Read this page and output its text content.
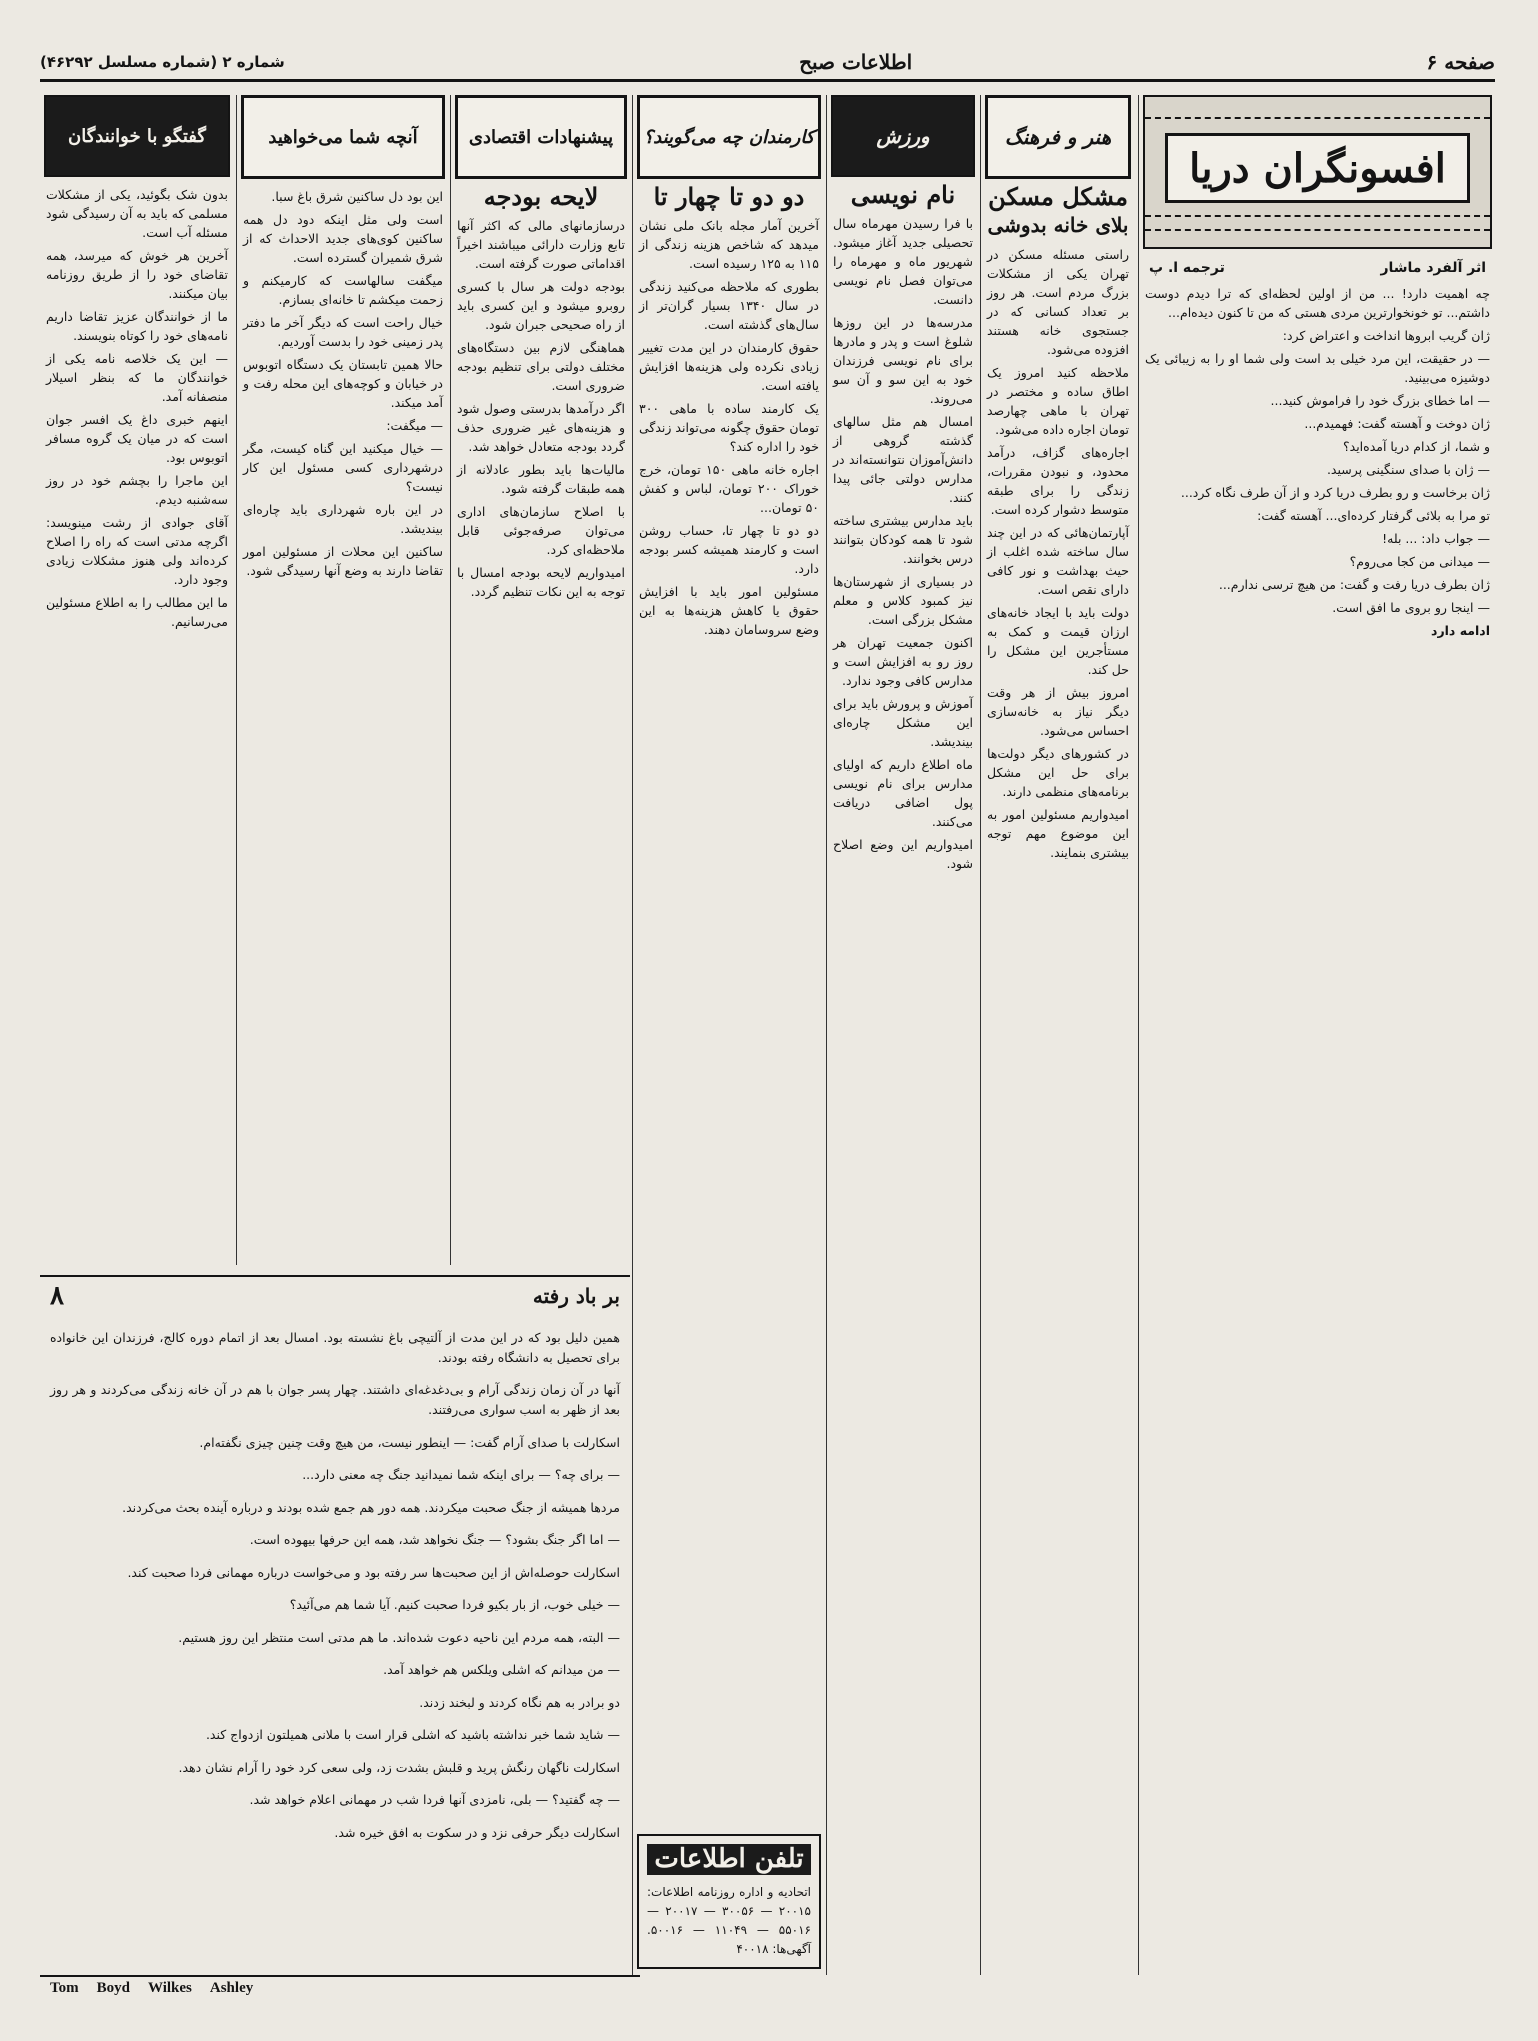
صفحه ۶
اطلاعات صبح
شماره ۲ (شماره مسلسل ۴۶۲۹۲)
افسونگران دریا
اثر آلفرد ماشار
ترجمه ا. پ

چه اهمیت دارد! ... من از اولین لحظه‌ای که ترا دیدم دوست داشتم... تو خونخوارترین مردی هستی که من تا کنون دیده‌ام...

ژان گریب ابروها انداخت و اعتراض کرد:

— در حقیقت، این مرد خیلی بد است ولی شما او را به زیبائی یک دوشیزه می‌بینید.

— اما خطای بزرگ خود را فراموش کنید...

ژان دوخت و آهسته گفت: فهمیدم...

و شما، از کدام دریا آمده‌اید؟

— ژان با صدای سنگینی پرسید.

ژان برخاست و رو بطرف دریا کرد و از آن طرف نگاه کرد...

تو مرا به بلائی گرفتار کرده‌ای... آهسته گفت:

— جواب داد: ... بله!

— میدانی من کجا می‌روم؟

ژان بطرف دریا رفت و گفت: من هیچ ترسی ندارم...

— اینجا رو بروی ما افق است.

ادامه دارد

هنر و فرهنگ
مشکل مسکن
بلای خانه بدوشی

راستی مسئله مسکن در تهران یکی از مشکلات بزرگ مردم است. هر روز بر تعداد کسانی که در جستجوی خانه هستند افزوده می‌شود.

ملاحظه کنید امروز یک اطاق ساده و مختصر در تهران با ماهی چهارصد تومان اجاره داده می‌شود.

اجاره‌های گزاف، درآمد محدود، و نبودن مقررات، زندگی را برای طبقه متوسط دشوار کرده است.

آپارتمان‌هائی که در این چند سال ساخته شده اغلب از حیث بهداشت و نور کافی دارای نقص است.

دولت باید با ایجاد خانه‌های ارزان قیمت و کمک به مستأجرین این مشکل را حل کند.

امروز بیش از هر وقت دیگر نیاز به خانه‌سازی احساس می‌شود.

در کشورهای دیگر دولت‌ها برای حل این مشکل برنامه‌های منظمی دارند.

امیدواریم مسئولین امور به این موضوع مهم توجه بیشتری بنمایند.

ورزش
نام نویسی

با فرا رسیدن مهرماه سال تحصیلی جدید آغاز میشود. شهریور ماه و مهرماه را می‌توان فصل نام نویسی دانست.

مدرسه‌ها در این روزها شلوغ است و پدر و مادرها برای نام نویسی فرزندان خود به این سو و آن سو می‌روند.

امسال هم مثل سالهای گذشته گروهی از دانش‌آموزان نتوانسته‌اند در مدارس دولتی جائی پیدا کنند.

باید مدارس بیشتری ساخته شود تا همه کودکان بتوانند درس بخوانند.

در بسیاری از شهرستان‌ها نیز کمبود کلاس و معلم مشکل بزرگی است.

اکنون جمعیت تهران هر روز رو به افزایش است و مدارس کافی وجود ندارد.

آموزش و پرورش باید برای این مشکل چاره‌ای بیندیشد.

ماه اطلاع داریم که اولیای مدارس برای نام نویسی پول اضافی دریافت می‌کنند.

امیدواریم این وضع اصلاح شود.

کارمندان چه می‌گویند؟
دو دو تا چهار تا

آخرین آمار مجله بانک ملی نشان میدهد که شاخص هزینه زندگی از ۱۱۵ به ۱۲۵ رسیده است.

بطوری که ملاحظه می‌کنید زندگی در سال ۱۳۴۰ بسیار گران‌تر از سال‌های گذشته است.

حقوق کارمندان در این مدت تغییر زیادی نکرده ولی هزینه‌ها افزایش یافته است.

یک کارمند ساده با ماهی ۳۰۰ تومان حقوق چگونه می‌تواند زندگی خود را اداره کند؟

اجاره خانه ماهی ۱۵۰ تومان، خرج خوراک ۲۰۰ تومان، لباس و کفش ۵۰ تومان...

دو دو تا چهار تا، حساب روشن است و کارمند همیشه کسر بودجه دارد.

مسئولین امور باید با افزایش حقوق یا کاهش هزینه‌ها به این وضع سروسامان دهند.

تلفن اطلاعات
اتحادیه و اداره روزنامه اطلاعات: ۲۰۰۱۵ — ۳۰۰۵۶ — ۲۰۰۱۷ — ۵۵۰۱۶ — ۱۱۰۴۹ — ۵۰۰۱۶. آگهی‌ها: ۴۰۰۱۸
پیشنهادات اقتصادی
لایحه بودجه

درسازمانهای مالی که اکثر آنها تابع وزارت دارائی میباشند اخیراً اقداماتی صورت گرفته است.

بودجه دولت هر سال با کسری روبرو میشود و این کسری باید از راه صحیحی جبران شود.

هماهنگی لازم بین دستگاه‌های مختلف دولتی برای تنظیم بودجه ضروری است.

اگر درآمدها بدرستی وصول شود و هزینه‌های غیر ضروری حذف گردد بودجه متعادل خواهد شد.

مالیات‌ها باید بطور عادلانه از همه طبقات گرفته شود.

با اصلاح سازمان‌های اداری می‌توان صرفه‌جوئی قابل ملاحظه‌ای کرد.

امیدواریم لایحه بودجه امسال با توجه به این نکات تنظیم گردد.

آنچه شما می‌خواهید

این بود دل ساکنین شرق باغ سبا.

است ولی مثل اینکه دود دل همه ساکنین کوی‌های جدید الاحداث که از شرق شمیران گسترده است.

میگفت سالهاست که کارمیکنم و زحمت میکشم تا خانه‌ای بسازم.

خیال راحت است که دیگر آخر ما دفتر پدر زمینی خود را بدست آوردیم.

حالا همین تابستان یک دستگاه اتوبوس در خیابان و کوچه‌های این محله رفت و آمد میکند.

— میگفت:

— خیال میکنید این گناه کیست، مگر درشهرداری کسی مسئول این کار نیست؟

در این باره شهرداری باید چاره‌ای بیندیشد.

ساکنین این محلات از مسئولین امور تقاضا دارند به وضع آنها رسیدگی شود.

گفتگو با خوانندگان

بدون شک بگوئید، یکی از مشکلات مسلمی که باید به آن رسیدگی شود مسئله آب است.

آخرین هر خوش که میرسد، همه تقاضای خود را از طریق روزنامه بیان میکنند.

ما از خوانندگان عزیز تقاضا داریم نامه‌های خود را کوتاه بنویسند.

— این یک خلاصه نامه یکی از خوانندگان ما که بنظر اسیلار منصفانه آمد.

اینهم خبری داغ یک افسر جوان است که در میان یک گروه مسافر اتوبوس بود.

این ماجرا را بچشم خود در روز سه‌شنبه دیدم.

آقای جوادی از رشت مینویسد: اگرچه مدتی است که راه را اصلاح کرده‌اند ولی هنوز مشکلات زیادی وجود دارد.

ما این مطالب را به اطلاع مسئولین می‌رسانیم.

بر باد رفته
۸

همین دلیل بود که در این مدت از آلتیچی باغ نشسته بود. امسال بعد از اتمام دوره کالج، فرزندان این خانواده برای تحصیل به دانشگاه رفته بودند.

آنها در آن زمان زندگی آرام و بی‌دغدغه‌ای داشتند. چهار پسر جوان با هم در آن خانه زندگی می‌کردند و هر روز بعد از ظهر به اسب سواری می‌رفتند.

اسکارلت با صدای آرام گفت: — اینطور نیست، من هیچ وقت چنین چیزی نگفته‌ام.

— برای چه؟ — برای اینکه شما نمیدانید جنگ چه معنی دارد...

مردها همیشه از جنگ صحبت میکردند. همه دور هم جمع شده بودند و درباره آینده بحث می‌کردند.

— اما اگر جنگ بشود؟ — جنگ نخواهد شد، همه این حرفها بیهوده است.

اسکارلت حوصله‌اش از این صحبت‌ها سر رفته بود و می‌خواست درباره مهمانی فردا صحبت کند.

— خیلی خوب، از بار بکیو فردا صحبت کنیم. آیا شما هم می‌آئید؟

— البته، همه مردم این ناحیه دعوت شده‌اند. ما هم مدتی است منتظر این روز هستیم.

— من میدانم که اشلی ویلکس هم خواهد آمد.

دو برادر به هم نگاه کردند و لبخند زدند.

— شاید شما خبر نداشته باشید که اشلی قرار است با ملانی همیلتون ازدواج کند.

اسکارلت ناگهان رنگش پرید و قلبش بشدت زد، ولی سعی کرد خود را آرام نشان دهد.

— چه گفتید؟ — بلی، نامزدی آنها فردا شب در مهمانی اعلام خواهد شد.

اسکارلت دیگر حرفی نزد و در سکوت به افق خیره شد.

Tom Boyd Wilkes Ashley
